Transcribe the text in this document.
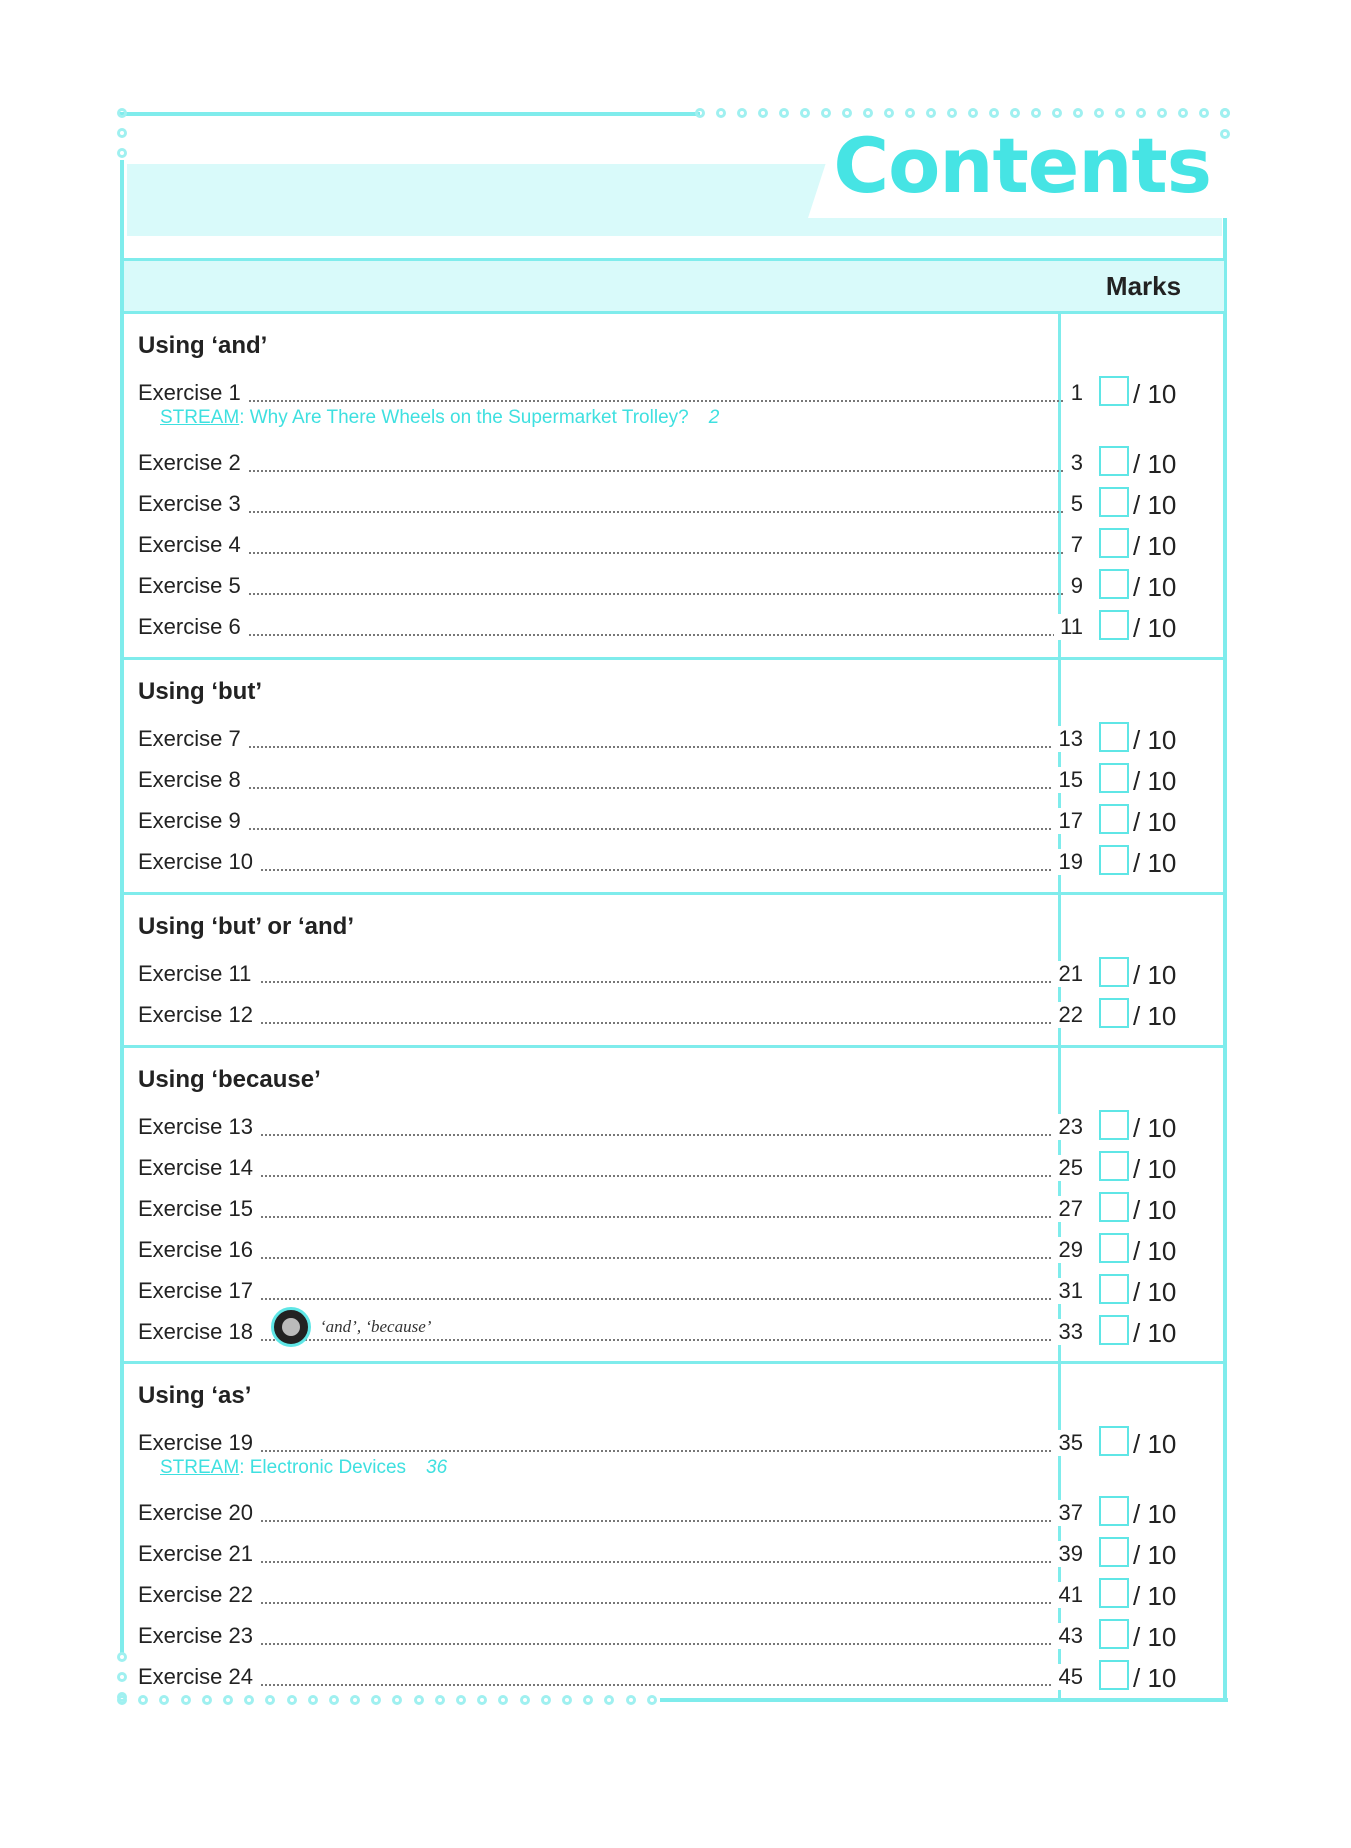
Contents
Marks
Using ‘and’
Exercise 1	1 / 10
STREAM: Why Are There Wheels on the Supermarket Trolley? 2
Exercise 2	3 / 10
Exercise 3	5 / 10
Exercise 4	7 / 10
Exercise 5	9 / 10
Exercise 6	11 / 10
Using ‘but’
Exercise 7	13 / 10
Exercise 8	15 / 10
Exercise 9	17 / 10
Exercise 10	19 / 10
Using ‘but’ or ‘and’
Exercise 11	21 / 10
Exercise 12	22 / 10
Using ‘because’
Exercise 13	23 / 10
Exercise 14	25 / 10
Exercise 15	27 / 10
Exercise 16	29 / 10
Exercise 17	31 / 10
Exercise 18	33 / 10
‘and’, ‘because’
Using ‘as’
Exercise 19	35 / 10
STREAM: Electronic Devices 36
Exercise 20	37 / 10
Exercise 21	39 / 10
Exercise 22	41 / 10
Exercise 23	43 / 10
Exercise 24	45 / 10
